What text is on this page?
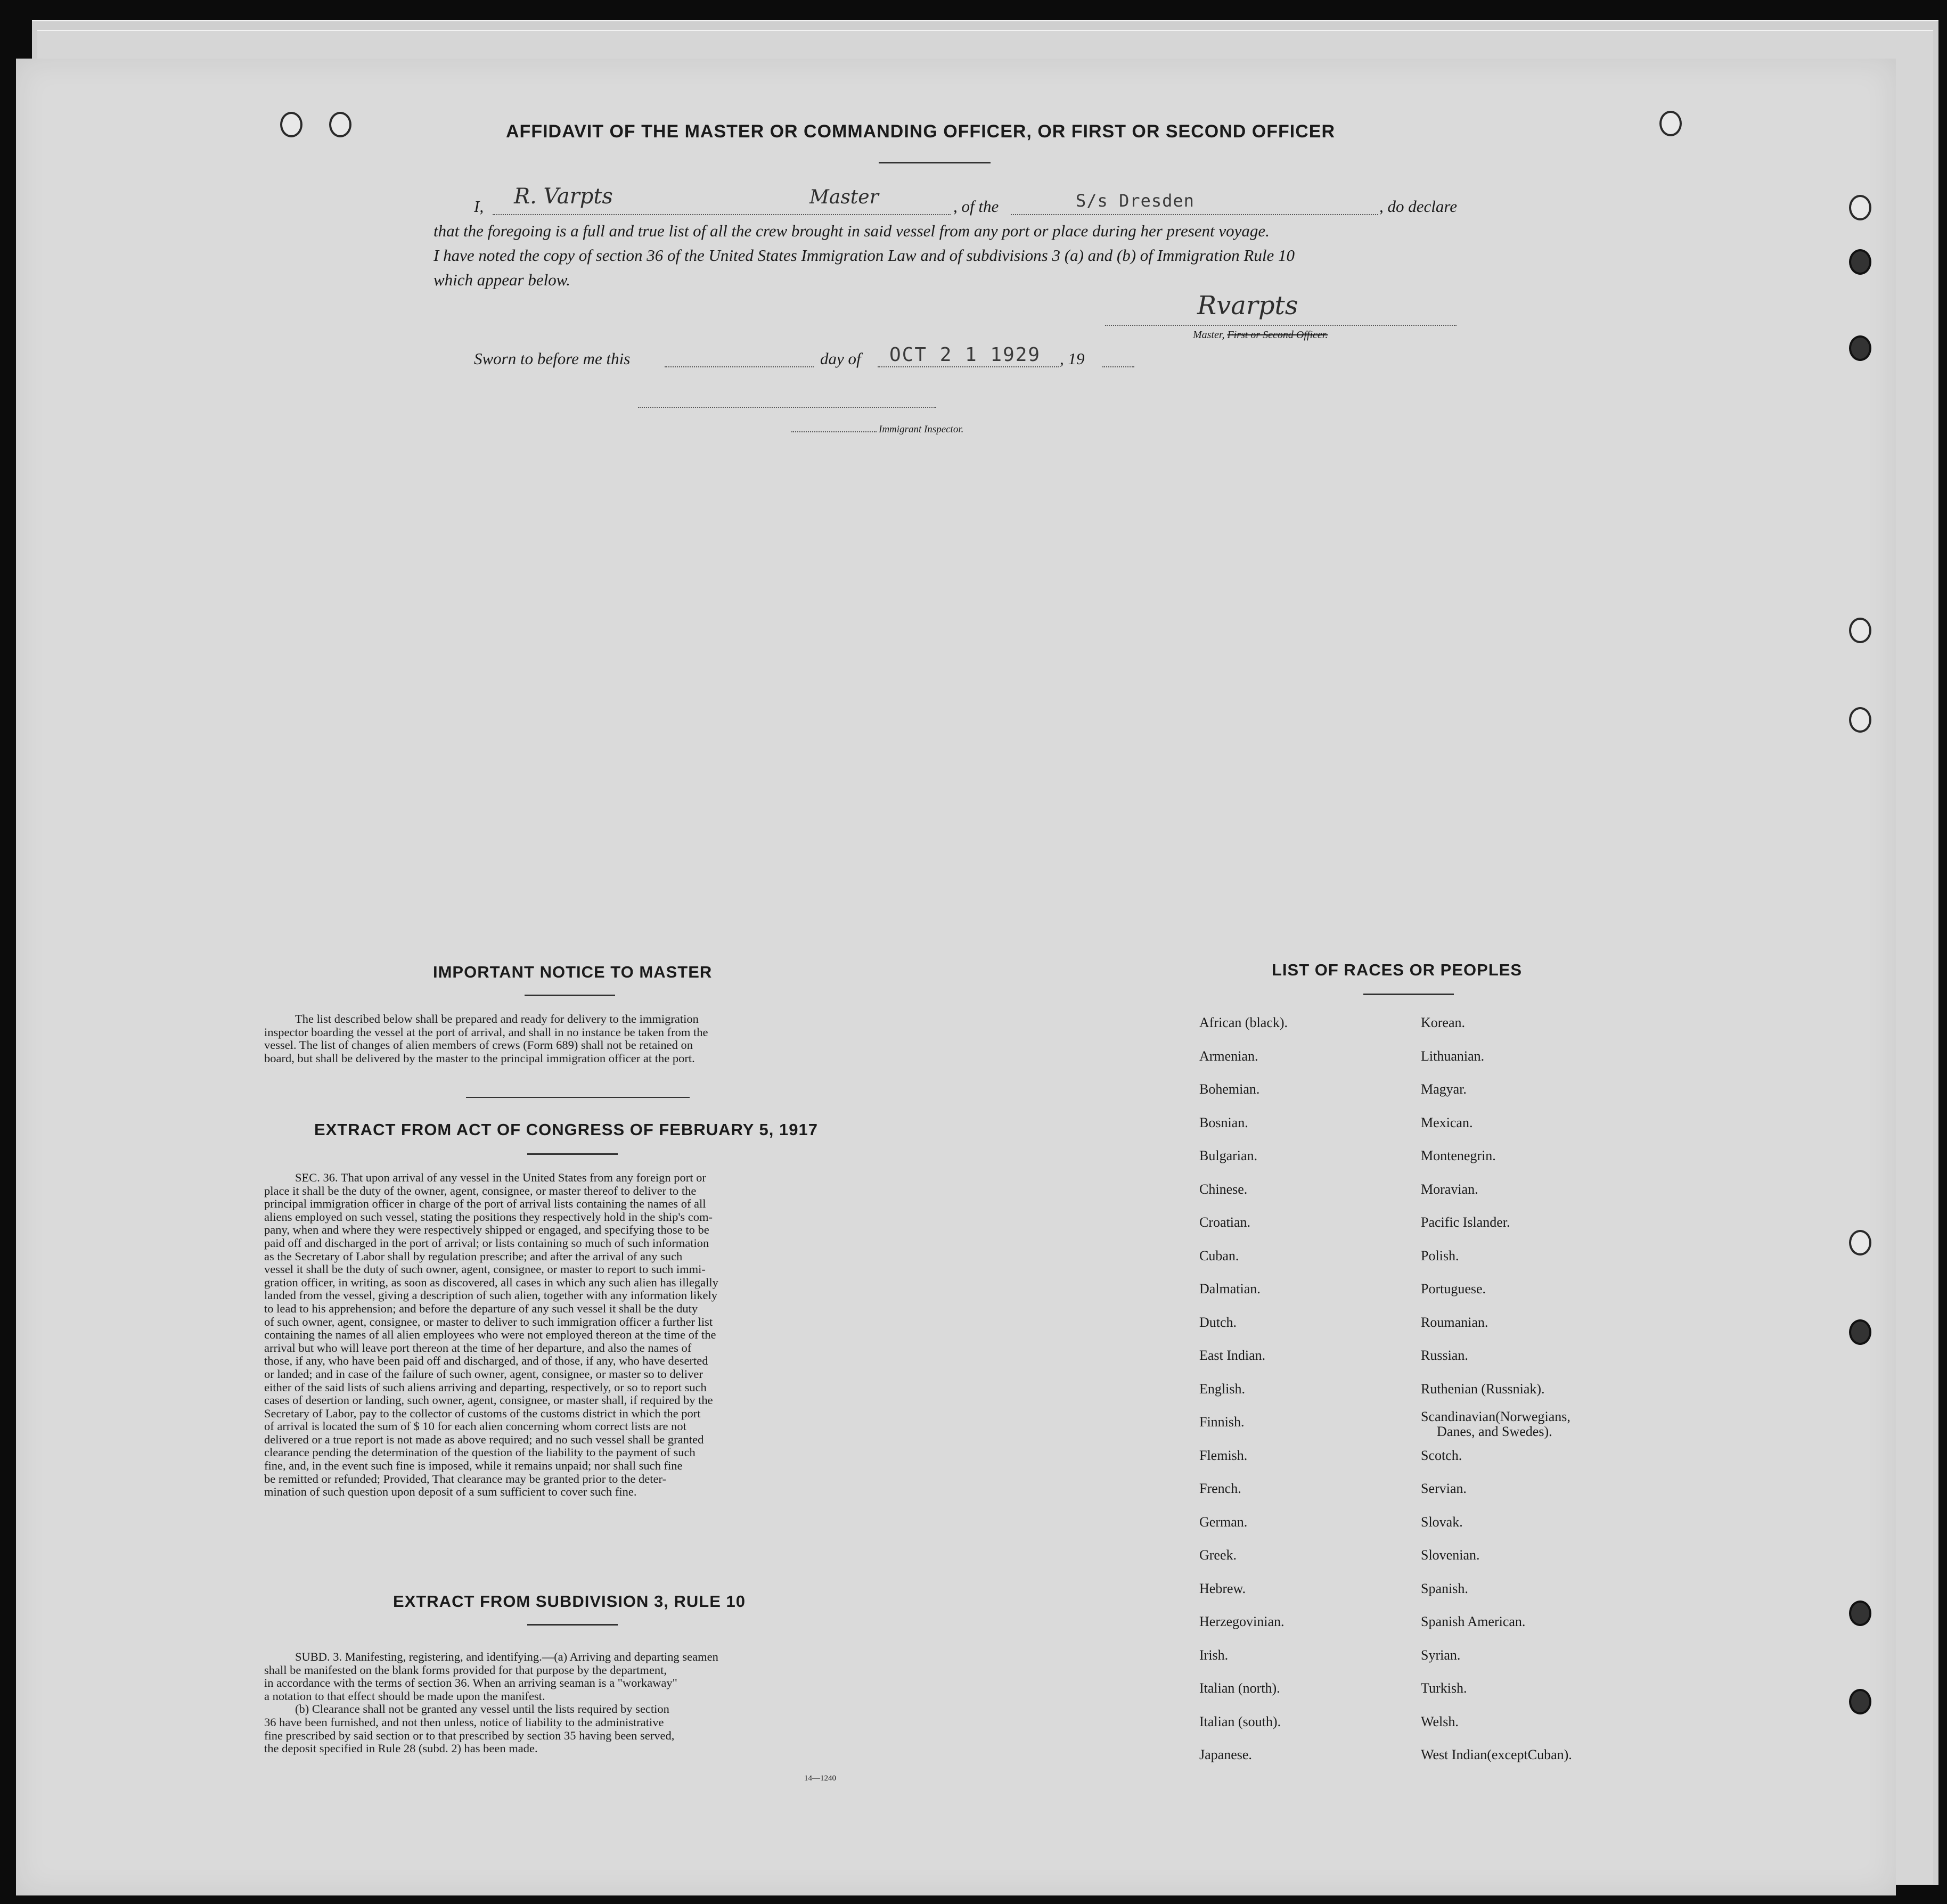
AFFIDAVIT OF THE MASTER OR COMMANDING OFFICER, OR FIRST OR SECOND OFFICER
I, R. Varpts	Master	, of the	S/s Dresden	, do declare
that the foregoing is a full and true list of all the crew brought in said vessel from any port or place during her present voyage.
I have noted the copy of section 36 of the United States Immigration Law and of subdivisions 3 (a) and (b) of Immigration Rule 10
which appear below.
Rvarpts
Master, First or Second Officer.
Sworn to before me this	day of OCT 2 1 1929 , 19
Immigrant Inspector.
IMPORTANT NOTICE TO MASTER
The list described below shall be prepared and ready for delivery to the immigration
inspector boarding the vessel at the port of arrival, and shall in no instance be taken from the
vessel. The list of changes of alien members of crews (Form 689) shall not be retained on
board, but shall be delivered by the master to the principal immigration officer at the port.
EXTRACT FROM ACT OF CONGRESS OF FEBRUARY 5, 1917
SEC. 36. That upon arrival of any vessel in the United States from any foreign port or
place it shall be the duty of the owner, agent, consignee, or master thereof to deliver to the
principal immigration officer in charge of the port of arrival lists containing the names of all
aliens employed on such vessel, stating the positions they respectively hold in the ship's com-
pany, when and where they were respectively shipped or engaged, and specifying those to be
paid off and discharged in the port of arrival; or lists containing so much of such information
as the Secretary of Labor shall by regulation prescribe; and after the arrival of any such
vessel it shall be the duty of such owner, agent, consignee, or master to report to such immi-
gration officer, in writing, as soon as discovered, all cases in which any such alien has illegally
landed from the vessel, giving a description of such alien, together with any information likely
to lead to his apprehension; and before the departure of any such vessel it shall be the duty
of such owner, agent, consignee, or master to deliver to such immigration officer a further list
containing the names of all alien employees who were not employed thereon at the time of the
arrival but who will leave port thereon at the time of her departure, and also the names of
those, if any, who have been paid off and discharged, and of those, if any, who have deserted
or landed; and in case of the failure of such owner, agent, consignee, or master so to deliver
either of the said lists of such aliens arriving and departing, respectively, or so to report such
cases of desertion or landing, such owner, agent, consignee, or master shall, if required by the
Secretary of Labor, pay to the collector of customs of the customs district in which the port
of arrival is located the sum of $ 10 for each alien concerning whom correct lists are not
delivered or a true report is not made as above required; and no such vessel shall be granted
clearance pending the determination of the question of the liability to the payment of such
fine, and, in the event such fine is imposed, while it remains unpaid; nor shall such fine
be remitted or refunded; Provided, That clearance may be granted prior to the deter-
mination of such question upon deposit of a sum sufficient to cover such fine.
EXTRACT FROM SUBDIVISION 3, RULE 10
SUBD. 3. Manifesting, registering, and identifying.—(a) Arriving and departing seamen
shall be manifested on the blank forms provided for that purpose by the department,
in accordance with the terms of section 36. When an arriving seaman is a "workaway"
a notation to that effect should be made upon the manifest.
(b) Clearance shall not be granted any vessel until the lists required by section
36 have been furnished, and not then unless, notice of liability to the administrative
fine prescribed by said section or to that prescribed by section 35 having been served,
the deposit specified in Rule 28 (subd. 2) has been made.
14—1240
LIST OF RACES OR PEOPLES
African (black).
Armenian.
Bohemian.
Bosnian.
Bulgarian.
Chinese.
Croatian.
Cuban.
Dalmatian.
Dutch.
East Indian.
English.
Finnish.
Flemish.
French.
German.
Greek.
Hebrew.
Herzegovinian.
Irish.
Italian (north).
Italian (south).
Japanese.
Korean.
Lithuanian.
Magyar.
Mexican.
Montenegrin.
Moravian.
Pacific Islander.
Polish.
Portuguese.
Roumanian.
Russian.
Ruthenian (Russniak).
Scandinavian(Norwegians,
Danes, and Swedes).
Scotch.
Servian.
Slovak.
Slovenian.
Spanish.
Spanish American.
Syrian.
Turkish.
Welsh.
West Indian(exceptCuban).
